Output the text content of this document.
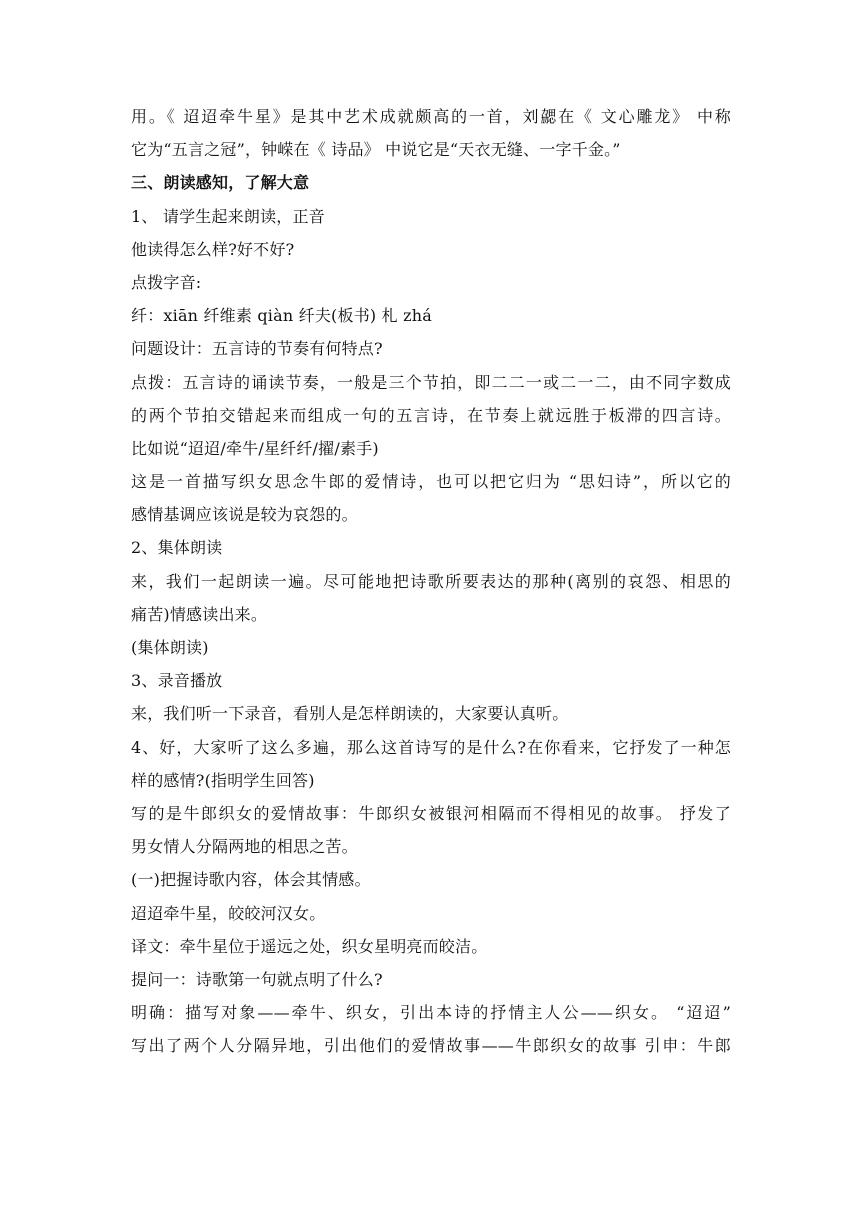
用。《 迢迢牵牛星》是其中艺术成就颇高的一首，刘勰在《 文心雕龙》 中称
它为“五言之冠”，钟嵘在《 诗品》 中说它是“天衣无缝、一字千金。”
三、朗读感知，了解大意
1、 请学生起来朗读，正音
他读得怎么样?好不好?
点拨字音:
纤：xiān 纤维素 qiàn 纤夫(板书) 札 zhá
问题设计：五言诗的节奏有何特点?
点拨：五言诗的诵读节奏，一般是三个节拍，即二二一或二一二，由不同字数成
的两个节拍交错起来而组成一句的五言诗，在节奏上就远胜于板滞的四言诗。
比如说“迢迢/牵牛/星纤纤/擢/素手)
这是一首描写织女思念牛郎的爱情诗，也可以把它归为 “思妇诗”，所以它的
感情基调应该说是较为哀怨的。
2、集体朗读
来，我们一起朗读一遍。尽可能地把诗歌所要表达的那种(离别的哀怨、相思的
痛苦)情感读出来。
(集体朗读)
3、录音播放
来，我们听一下录音，看别人是怎样朗读的，大家要认真听。
4、好，大家听了这么多遍，那么这首诗写的是什么?在你看来，它抒发了一种怎
样的感情?(指明学生回答)
写的是牛郎织女的爱情故事：牛郎织女被银河相隔而不得相见的故事。 抒发了
男女情人分隔两地的相思之苦。
(一)把握诗歌内容，体会其情感。
迢迢牵牛星，皎皎河汉女。
译文：牵牛星位于遥远之处，织女星明亮而皎洁。
提问一：诗歌第一句就点明了什么?
明确：描写对象——牵牛、织女，引出本诗的抒情主人公——织女。 “迢迢”
写出了两个人分隔异地，引出他们的爱情故事——牛郎织女的故事 引申：牛郎
